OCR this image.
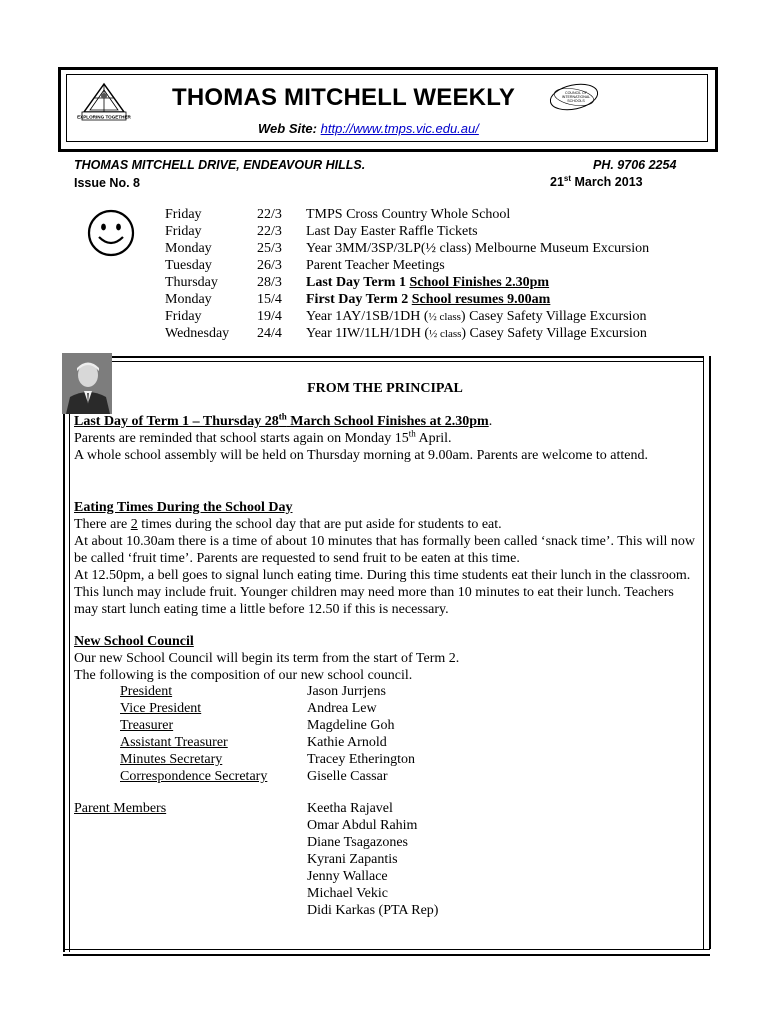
EXPLORING TOGETHER
THOMAS MITCHELL WEEKLY	COUNCIL OF INTERNATIONAL SCHOOLS
Web Site: http://www.tmps.vic.edu.au/
THOMAS MITCHELL DRIVE, ENDEAVOUR HILLS.	PH. 9706 2254
Issue No. 8	21st March 2013
Friday	22/3 TMPS Cross Country Whole School
Friday	22/3 Last Day Easter Raffle Tickets
Monday	25/3 Year 3MM/3SP/3LP(½ class) Melbourne Museum Excursion
Tuesday	26/3 Parent Teacher Meetings
Thursday	28/3 Last Day Term 1 School Finishes 2.30pm
Monday	15/4 First Day Term 2 School resumes 9.00am
Friday	19/4 Year 1AY/1SB/1DH (½ class) Casey Safety Village Excursion
Wednesday 24/4 Year 1IW/1LH/1DH (½ class) Casey Safety Village Excursion
FROM THE PRINCIPAL
Last Day of Term 1 – Thursday 28th March School Finishes at 2.30pm.
Parents are reminded that school starts again on Monday 15th April.
A whole school assembly will be held on Thursday morning at 9.00am. Parents are welcome to attend.
Eating Times During the School Day
There are 2 times during the school day that are put aside for students to eat.
At about 10.30am there is a time of about 10 minutes that has formally been called ‘snack time’. This will now be called ‘fruit time’. Parents are requested to send fruit to be eaten at this time.
At 12.50pm, a bell goes to signal lunch eating time. During this time students eat their lunch in the classroom. This lunch may include fruit. Younger children may need more than 10 minutes to eat their lunch. Teachers may start lunch eating time a little before 12.50 if this is necessary.
New School Council
Our new School Council will begin its term from the start of Term 2.
The following is the composition of our new school council.
President	Jason Jurrjens
Vice President	Andrea Lew
Treasurer	Magdeline Goh
Assistant Treasurer	Kathie Arnold
Minutes Secretary	Tracey Etherington
Correspondence Secretary	Giselle Cassar
Parent Members	Keetha Rajavel
Omar Abdul Rahim
Diane Tsagazones
Kyrani Zapantis
Jenny Wallace
Michael Vekic
Didi Karkas (PTA Rep)
